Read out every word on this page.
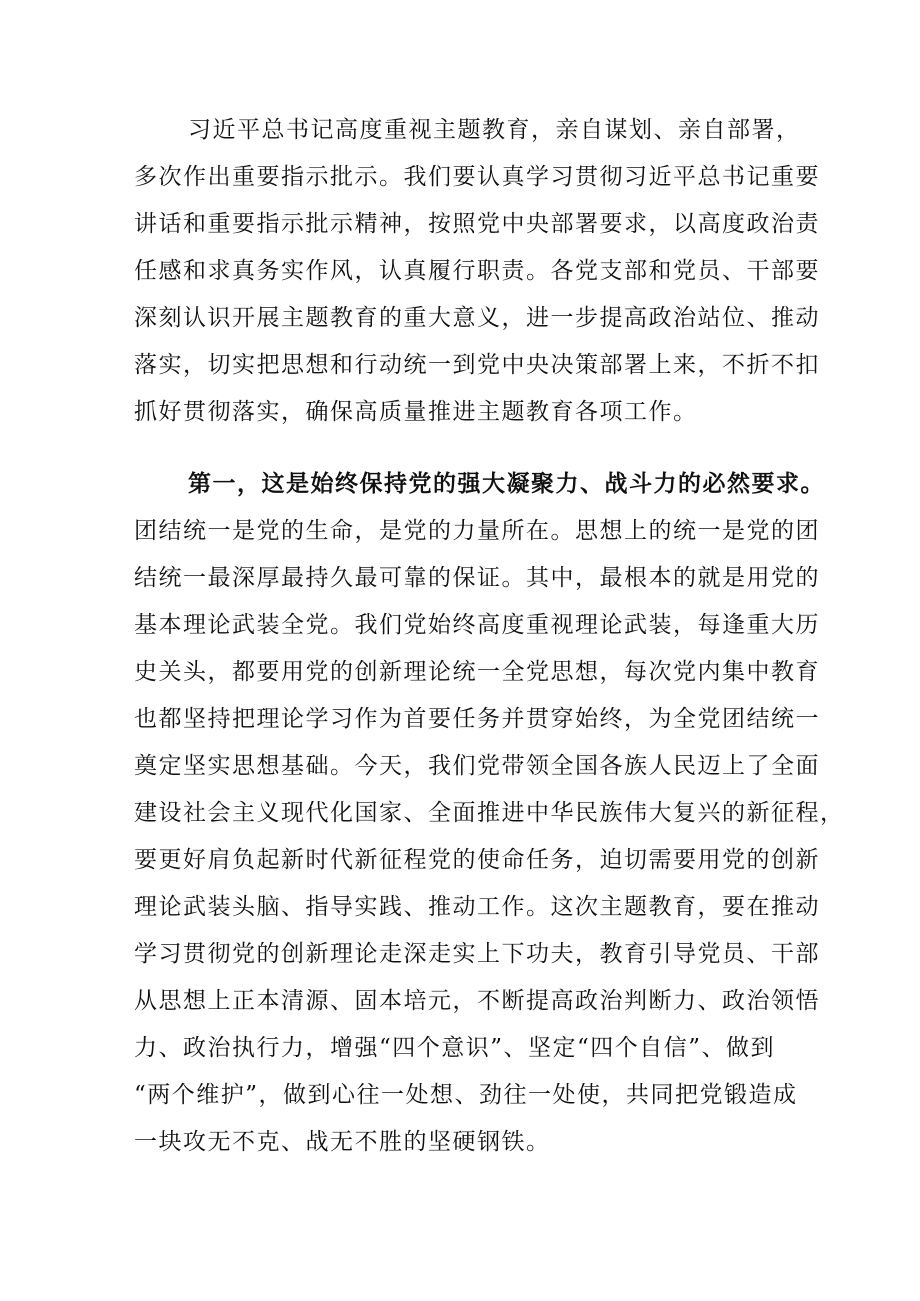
习近平总书记高度重视主题教育，亲自谋划、亲自部署，
多次作出重要指示批示。我们要认真学习贯彻习近平总书记重要
讲话和重要指示批示精神，按照党中央部署要求，以高度政治责
任感和求真务实作风，认真履行职责。各党支部和党员、干部要
深刻认识开展主题教育的重大意义，进一步提高政治站位、推动
落实，切实把思想和行动统一到党中央决策部署上来，不折不扣
抓好贯彻落实，确保高质量推进主题教育各项工作。
第一，这是始终保持党的强大凝聚力、战斗力的必然要求。
团结统一是党的生命，是党的力量所在。思想上的统一是党的团
结统一最深厚最持久最可靠的保证。其中，最根本的就是用党的
基本理论武装全党。我们党始终高度重视理论武装，每逢重大历
史关头，都要用党的创新理论统一全党思想，每次党内集中教育
也都坚持把理论学习作为首要任务并贯穿始终，为全党团结统一
奠定坚实思想基础。今天，我们党带领全国各族人民迈上了全面
建设社会主义现代化国家、全面推进中华民族伟大复兴的新征程，
要更好肩负起新时代新征程党的使命任务，迫切需要用党的创新
理论武装头脑、指导实践、推动工作。这次主题教育，要在推动
学习贯彻党的创新理论走深走实上下功夫，教育引导党员、干部
从思想上正本清源、固本培元，不断提高政治判断力、政治领悟
力、政治执行力，增强“四个意识”、坚定“四个自信”、做到
“两个维护”，做到心往一处想、劲往一处使，共同把党锻造成
一块攻无不克、战无不胜的坚硬钢铁。
